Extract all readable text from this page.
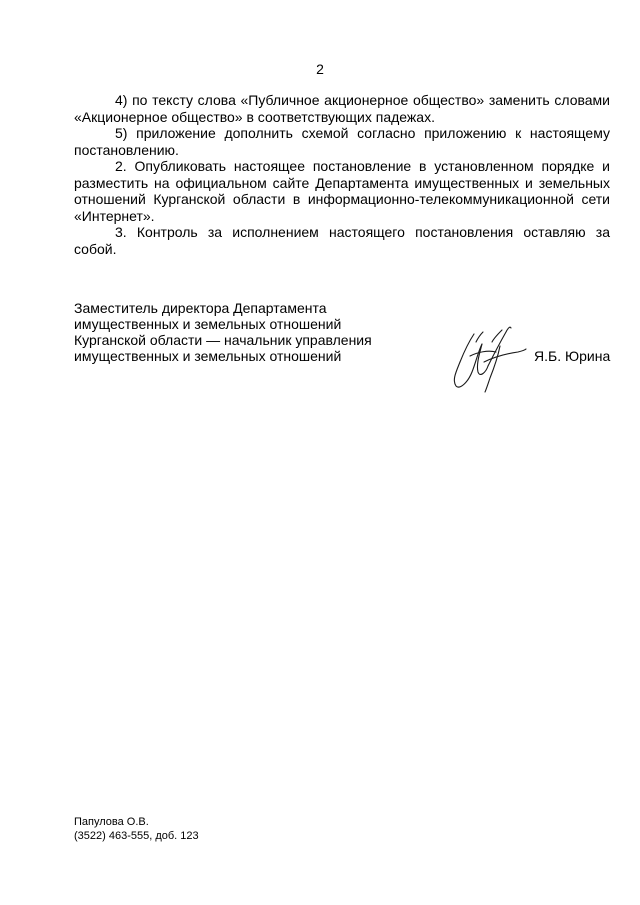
2

4) по тексту слова «Публичное акционерное общество» заменить словами «Акционерное общество» в соответствующих падежах.

5) приложение дополнить схемой согласно приложению к настоящему постановлению.

2. Опубликовать настоящее постановление в установленном порядке и разместить на официальном сайте Департамента имущественных и земельных отношений Курганской области в информационно-телекоммуникационной сети «Интернет».

3. Контроль за исполнением настоящего постановления оставляю за собой.

Заместитель директора Департамента
имущественных и земельных отношений
Курганской области — начальник управления
имущественных и земельных отношений	Я.Б. Юрина
Папулова О.В.
(3522) 463-555, доб. 123
